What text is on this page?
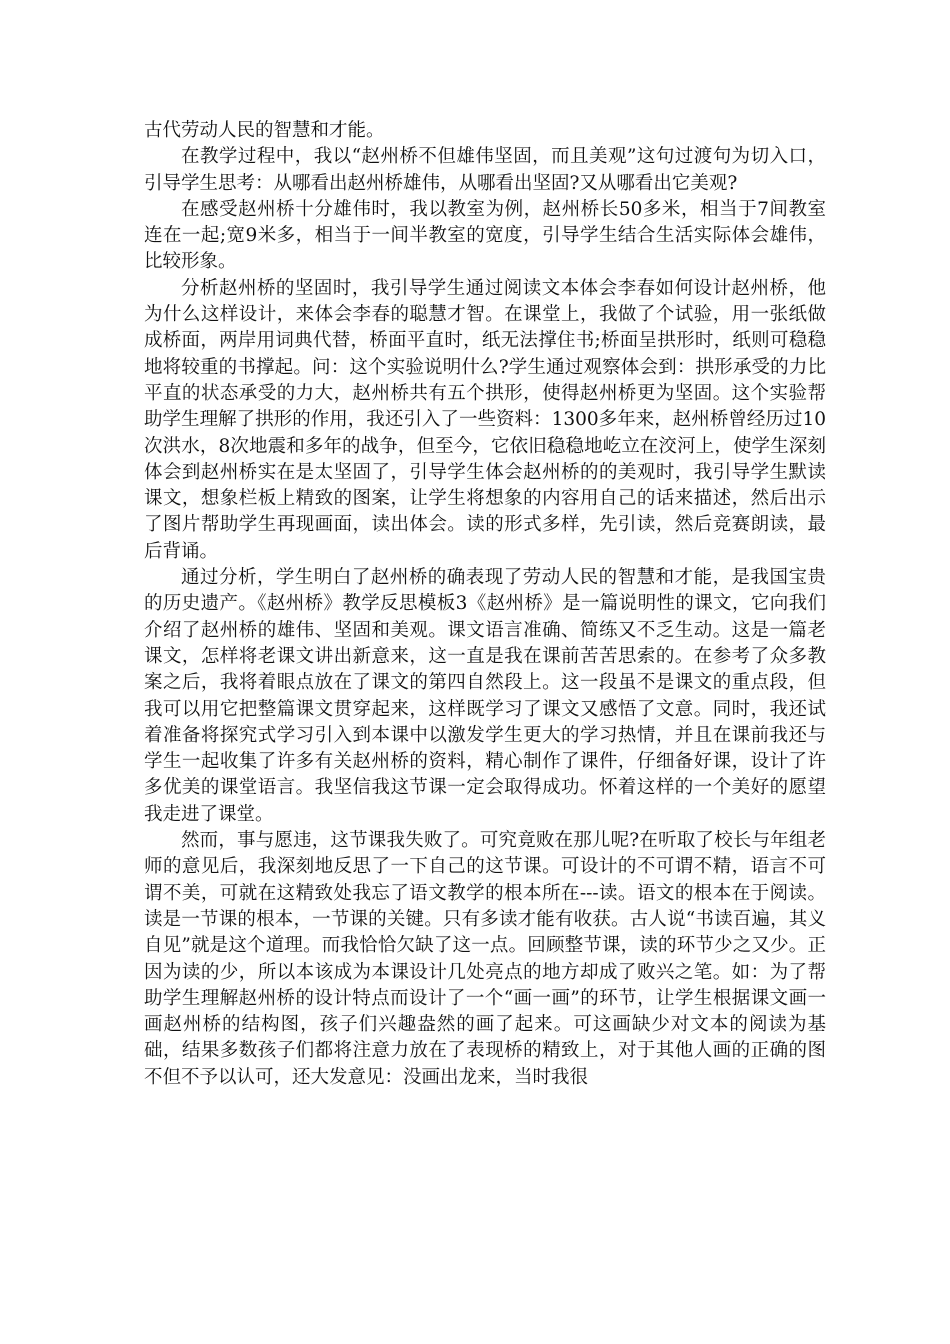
古代劳动人民的智慧和才能。

在教学过程中，我以“赵州桥不但雄伟坚固，而且美观”这句过渡句为切入口，引导学生思考：从哪看出赵州桥雄伟，从哪看出坚固?又从哪看出它美观?

在感受赵州桥十分雄伟时，我以教室为例，赵州桥长50多米，相当于7间教室连在一起;宽9米多，相当于一间半教室的宽度，引导学生结合生活实际体会雄伟，比较形象。

分析赵州桥的坚固时，我引导学生通过阅读文本体会李春如何设计赵州桥，他为什么这样设计，来体会李春的聪慧才智。在课堂上，我做了个试验，用一张纸做成桥面，两岸用词典代替，桥面平直时，纸无法撑住书;桥面呈拱形时，纸则可稳稳地将较重的书撑起。问：这个实验说明什么?学生通过观察体会到：拱形承受的力比平直的状态承受的力大，赵州桥共有五个拱形，使得赵州桥更为坚固。这个实验帮助学生理解了拱形的作用，我还引入了一些资料：1300多年来，赵州桥曾经历过10次洪水，8次地震和多年的战争，但至今，它依旧稳稳地屹立在洨河上，使学生深刻体会到赵州桥实在是太坚固了，引导学生体会赵州桥的的美观时，我引导学生默读课文，想象栏板上精致的图案，让学生将想象的内容用自己的话来描述，然后出示了图片帮助学生再现画面，读出体会。读的形式多样，先引读，然后竞赛朗读，最后背诵。

通过分析，学生明白了赵州桥的确表现了劳动人民的智慧和才能，是我国宝贵的历史遗产。《赵州桥》教学反思模板3《赵州桥》是一篇说明性的课文，它向我们介绍了赵州桥的雄伟、坚固和美观。课文语言准确、简练又不乏生动。这是一篇老课文，怎样将老课文讲出新意来，这一直是我在课前苦苦思索的。在参考了众多教案之后，我将着眼点放在了课文的第四自然段上。这一段虽不是课文的重点段，但我可以用它把整篇课文贯穿起来，这样既学习了课文又感悟了文意。同时，我还试着准备将探究式学习引入到本课中以激发学生更大的学习热情，并且在课前我还与学生一起收集了许多有关赵州桥的资料，精心制作了课件，仔细备好课，设计了许多优美的课堂语言。我坚信我这节课一定会取得成功。怀着这样的一个美好的愿望我走进了课堂。

然而，事与愿违，这节课我失败了。可究竟败在那儿呢?在听取了校长与年组老师的意见后，我深刻地反思了一下自己的这节课。可设计的不可谓不精，语言不可谓不美，可就在这精致处我忘了语文教学的根本所在---读。语文的根本在于阅读。读是一节课的根本，一节课的关键。只有多读才能有收获。古人说“书读百遍，其义自见”就是这个道理。而我恰恰欠缺了这一点。回顾整节课，读的环节少之又少。正因为读的少，所以本该成为本课设计几处亮点的地方却成了败兴之笔。如：为了帮助学生理解赵州桥的设计特点而设计了一个“画一画”的环节，让学生根据课文画一画赵州桥的结构图，孩子们兴趣盎然的画了起来。可这画缺少对文本的阅读为基础，结果多数孩子们都将注意力放在了表现桥的精致上，对于其他人画的正确的图不但不予以认可，还大发意见：没画出龙来，当时我很
